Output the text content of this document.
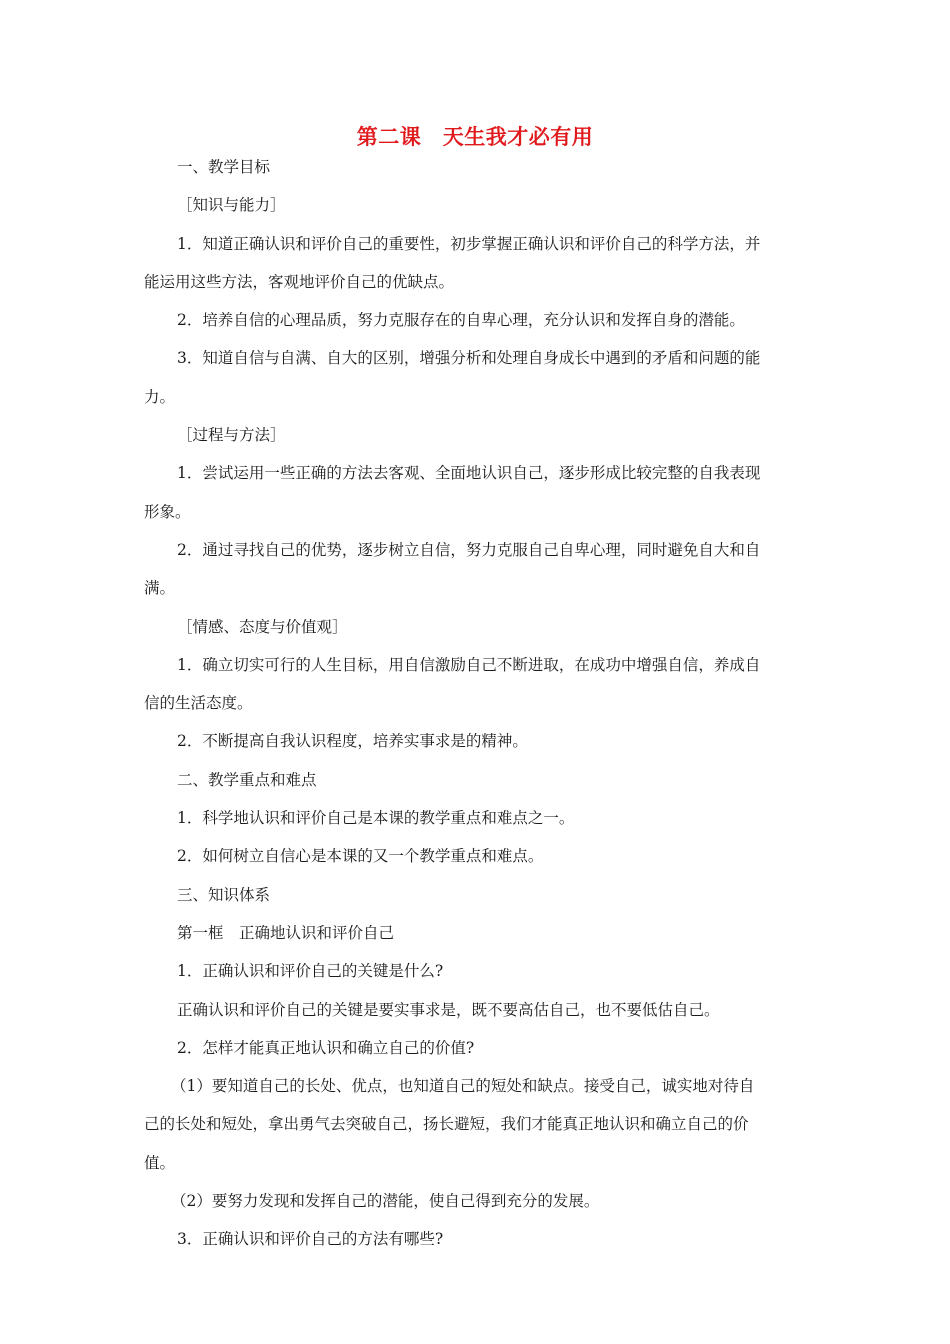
第二课　天生我才必有用

一、教学目标

［知识与能力］

1．知道正确认识和评价自己的重要性，初步掌握正确认识和评价自己的科学方法，并

能运用这些方法，客观地评价自己的优缺点。

2．培养自信的心理品质，努力克服存在的自卑心理，充分认识和发挥自身的潜能。

3．知道自信与自满、自大的区别，增强分析和处理自身成长中遇到的矛盾和问题的能

力。

［过程与方法］

1．尝试运用一些正确的方法去客观、全面地认识自己，逐步形成比较完整的自我表现

形象。

2．通过寻找自己的优势，逐步树立自信，努力克服自己自卑心理，同时避免自大和自

满。

［情感、态度与价值观］

1．确立切实可行的人生目标，用自信激励自己不断进取，在成功中增强自信，养成自

信的生活态度。

2．不断提高自我认识程度，培养实事求是的精神。

二、教学重点和难点

1．科学地认识和评价自己是本课的教学重点和难点之一。

2．如何树立自信心是本课的又一个教学重点和难点。

三、知识体系

第一框　正确地认识和评价自己

1．正确认识和评价自己的关键是什么?

正确认识和评价自己的关键是要实事求是，既不要高估自己，也不要低估自己。

2．怎样才能真正地认识和确立自己的价值?

（1）要知道自己的长处、优点，也知道自己的短处和缺点。接受自己，诚实地对待自

己的长处和短处，拿出勇气去突破自己，扬长避短，我们才能真正地认识和确立自己的价

值。

（2）要努力发现和发挥自己的潜能，使自己得到充分的发展。

3．正确认识和评价自己的方法有哪些?
